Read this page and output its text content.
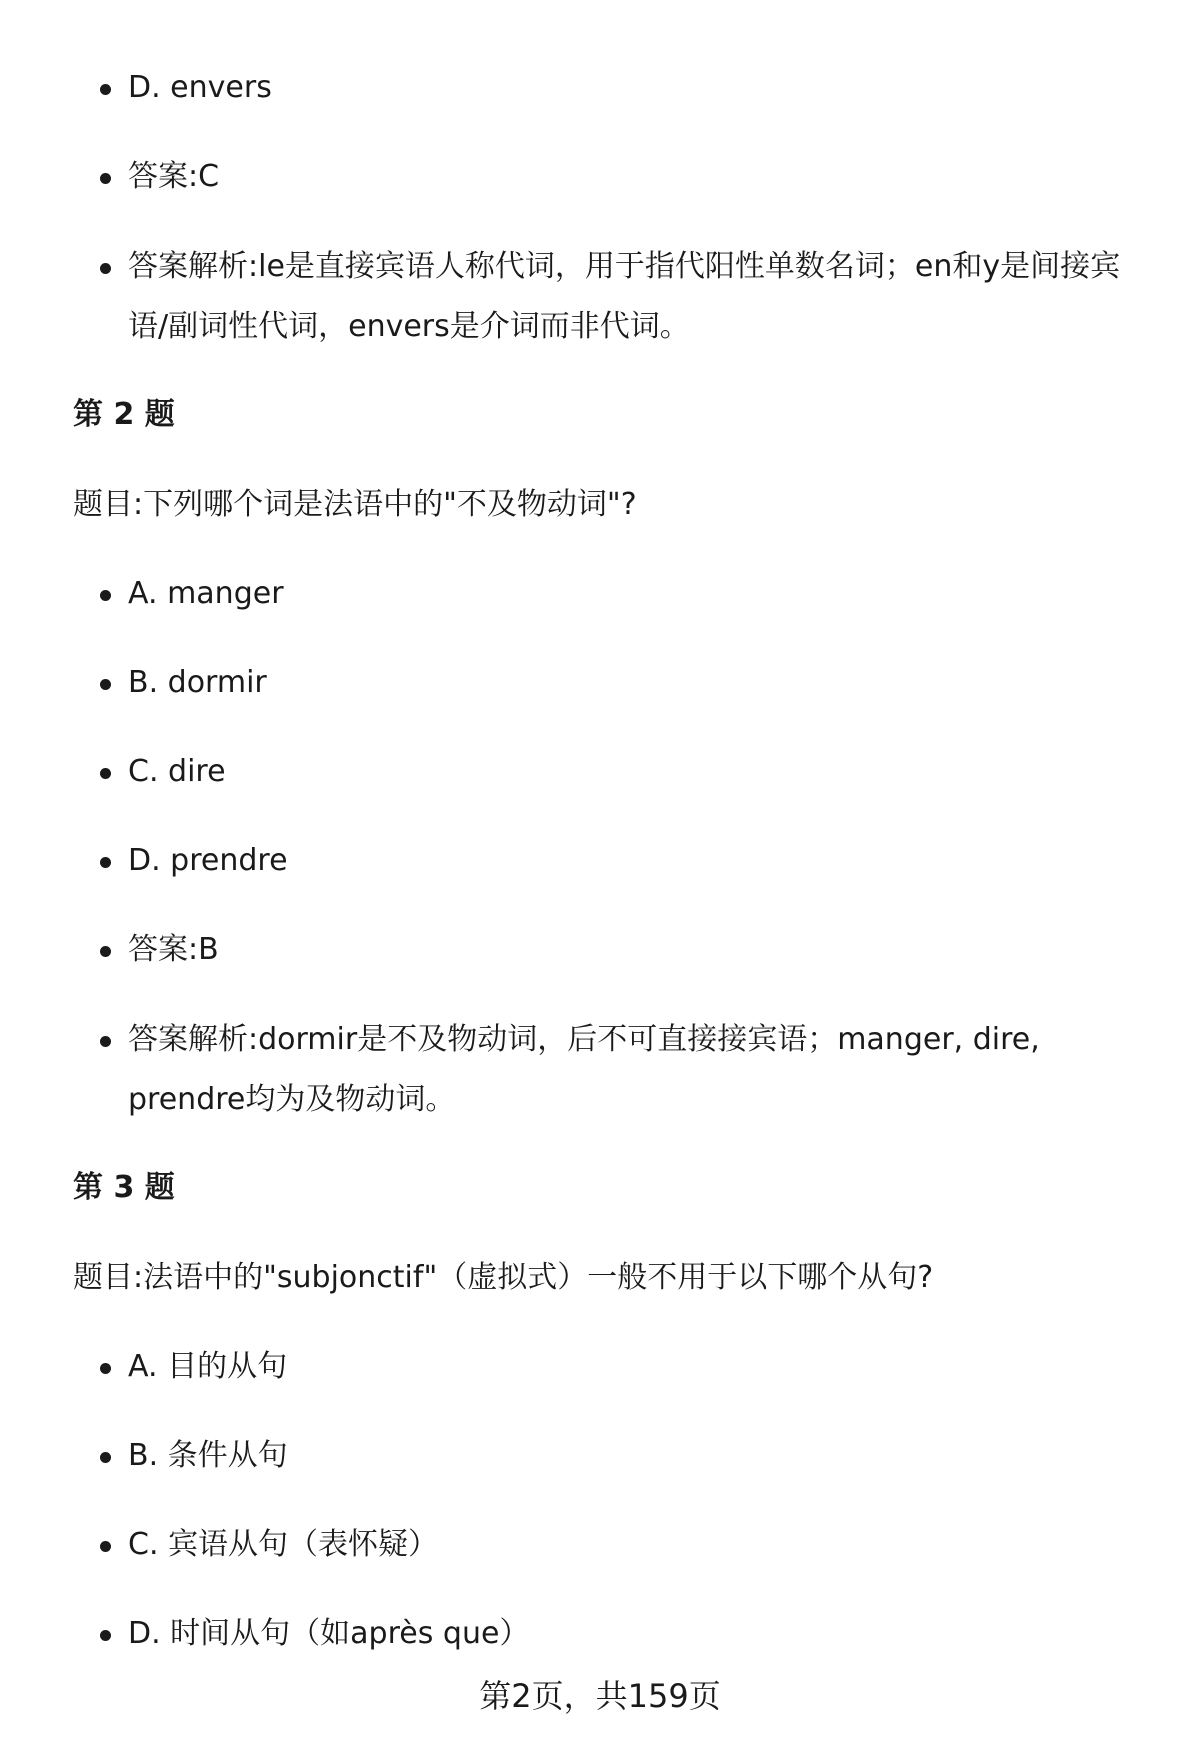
D. envers
答案:C
答案解析:le是直接宾语人称代词，用于指代阳性单数名词；en和y是间接宾语/副词性代词，envers是介词而非代词。
第 2 题
题目:下列哪个词是法语中的"不及物动词"?
A. manger
B. dormir
C. dire
D. prendre
答案:B
答案解析:dormir是不及物动词，后不可直接接宾语；manger, dire, prendre均为及物动词。
第 3 题
题目:法语中的"subjonctif"（虚拟式）一般不用于以下哪个从句?
A. 目的从句
B. 条件从句
C. 宾语从句（表怀疑）
D. 时间从句（如après que）
第2页，共159页
